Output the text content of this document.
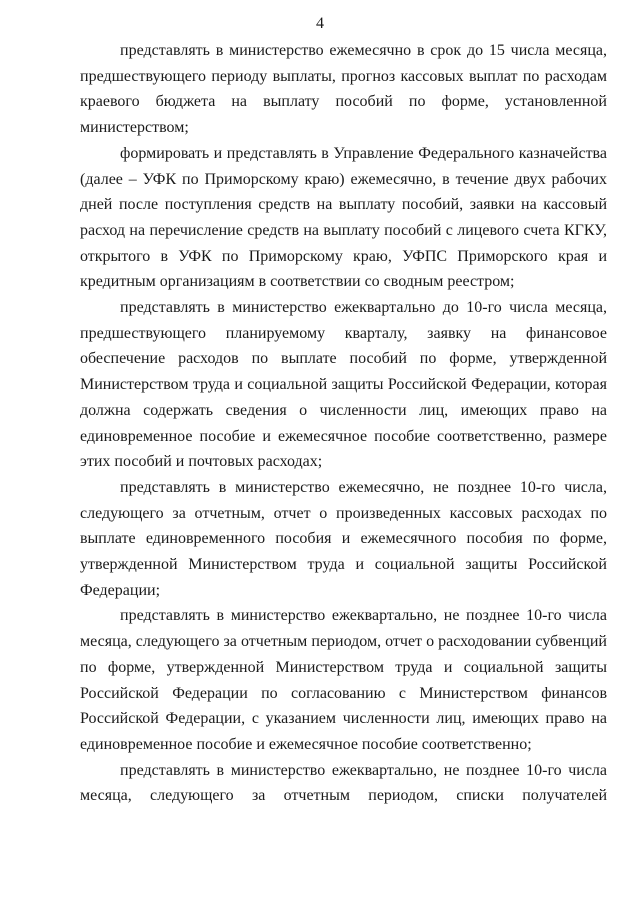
4

представлять в министерство ежемесячно в срок до 15 числа месяца, предшествующего периоду выплаты, прогноз кассовых выплат по расходам краевого бюджета на выплату пособий по форме, установленной министерством;

формировать и представлять в Управление Федерального казначейства (далее – УФК по Приморскому краю) ежемесячно, в течение двух рабочих дней после поступления средств на выплату пособий, заявки на кассовый расход на перечисление средств на выплату пособий с лицевого счета КГКУ, открытого в УФК по Приморскому краю, УФПС Приморского края и кредитным организациям в соответствии со сводным реестром;

представлять в министерство ежеквартально до 10-го числа месяца, предшествующего планируемому кварталу, заявку на финансовое обеспечение расходов по выплате пособий по форме, утвержденной Министерством труда и социальной защиты Российской Федерации, которая должна содержать сведения о численности лиц, имеющих право на единовременное пособие и ежемесячное пособие соответственно, размере этих пособий и почтовых расходах;

представлять в министерство ежемесячно, не позднее 10-го числа, следующего за отчетным, отчет о произведенных кассовых расходах по выплате единовременного пособия и ежемесячного пособия по форме, утвержденной Министерством труда и социальной защиты Российской Федерации;

представлять в министерство ежеквартально, не позднее 10-го числа месяца, следующего за отчетным периодом, отчет о расходовании субвенций по форме, утвержденной Министерством труда и социальной защиты Российской Федерации по согласованию с Министерством финансов Российской Федерации, с указанием численности лиц, имеющих право на единовременное пособие и ежемесячное пособие соответственно;

представлять в министерство ежеквартально, не позднее 10-го числа месяца, следующего за отчетным периодом, списки получателей
